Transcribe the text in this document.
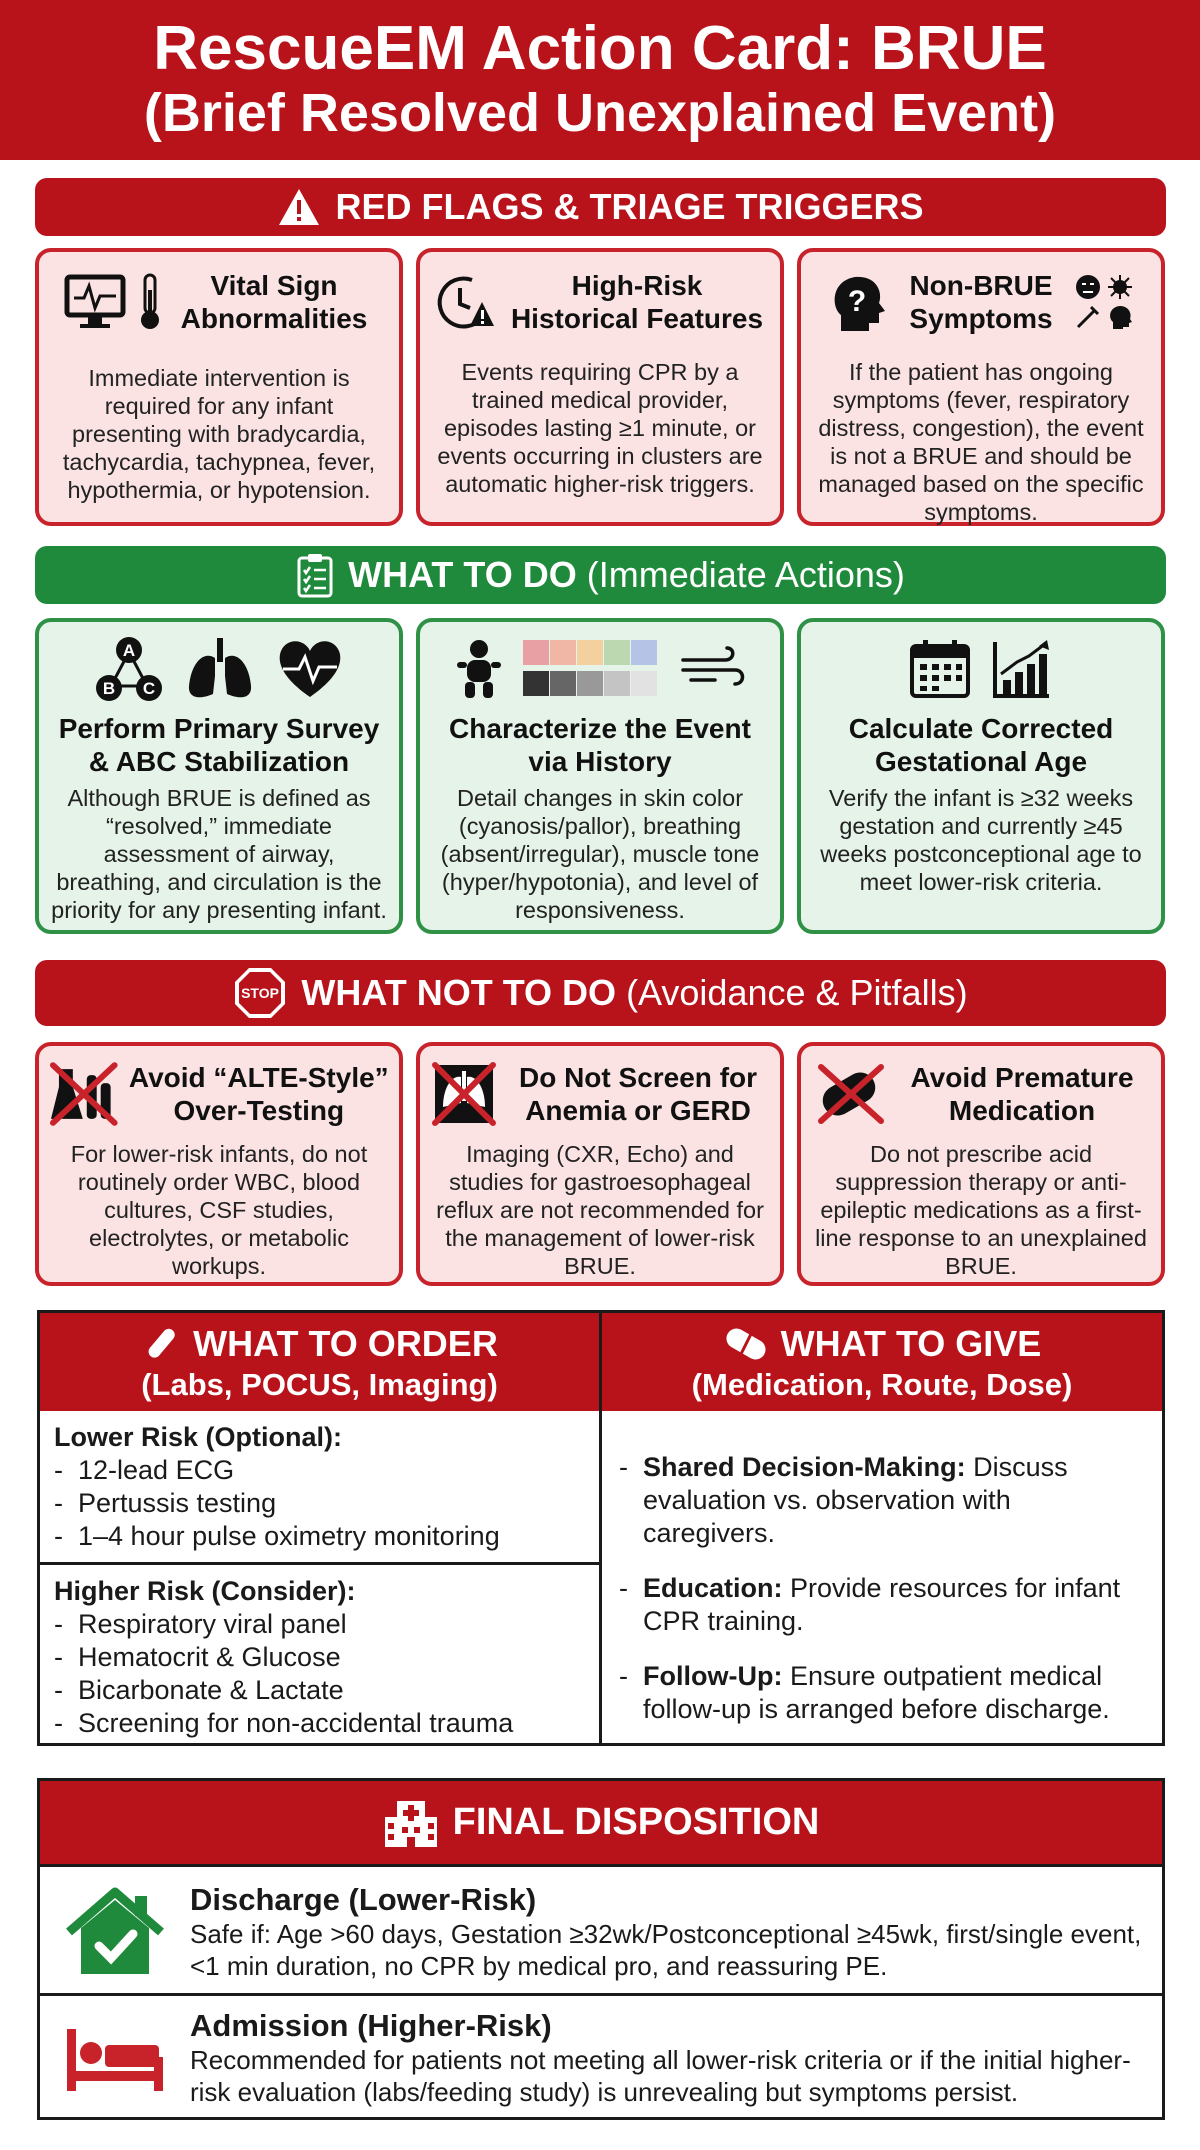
RescueEM Action Card: BRUE
(Brief Resolved Unexplained Event)
RED FLAGS & TRIAGE TRIGGERS
Vital Sign Abnormalities
Immediate intervention is required for any infant presenting with bradycardia, tachycardia, tachypnea, fever, hypothermia, or hypotension.
High-Risk Historical Features
Events requiring CPR by a trained medical provider, episodes lasting ≥1 minute, or events occurring in clusters are automatic higher-risk triggers.
?	Non-BRUE Symptoms
If the patient has ongoing symptoms (fever, respiratory distress, congestion), the event is not a BRUE and should be managed based on the specific symptoms.
WHAT TO DO (Immediate Actions)
A
B C
Perform Primary Survey & ABC Stabilization
Although BRUE is defined as “resolved,” immediate assessment of airway, breathing, and circulation is the priority for any presenting infant.
Characterize the Event via History
Detail changes in skin color (cyanosis/pallor), breathing (absent/irregular), muscle tone (hyper/hypotonia), and level of responsiveness.
Calculate Corrected Gestational Age
Verify the infant is ≥32 weeks gestation and currently ≥45 weeks postconceptional age to meet lower-risk criteria.
STOP WHAT NOT TO DO (Avoidance & Pitfalls)
Avoid “ALTE-Style” Over-Testing
For lower-risk infants, do not routinely order WBC, blood cultures, CSF studies, electrolytes, or metabolic workups.
Do Not Screen for Anemia or GERD
Imaging (CXR, Echo) and studies for gastroesophageal reflux are not recommended for the management of lower-risk BRUE.
Avoid Premature Medication
Do not prescribe acid suppression therapy or anti-epileptic medications as a first-line response to an unexplained BRUE.
WHAT TO ORDER
(Labs, POCUS, Imaging)
WHAT TO GIVE
(Medication, Route, Dose)
Lower Risk (Optional):
-  12-lead ECG
-  Pertussis testing
-  1–4 hour pulse oximetry monitoring
Higher Risk (Consider):
-  Respiratory viral panel
-  Hematocrit & Glucose
-  Bicarbonate & Lactate
-  Screening for non-accidental trauma
-  Shared Decision-Making: Discuss evaluation vs. observation with caregivers.
-  Education: Provide resources for infant CPR training.
-  Follow-Up: Ensure outpatient medical follow-up is arranged before discharge.
FINAL DISPOSITION
Discharge (Lower-Risk)
Safe if: Age >60 days, Gestation ≥32wk/Postconceptional ≥45wk, first/single event, <1 min duration, no CPR by medical pro, and reassuring PE.
Admission (Higher-Risk)
Recommended for patients not meeting all lower-risk criteria or if the initial higher-risk evaluation (labs/feeding study) is unrevealing but symptoms persist.
